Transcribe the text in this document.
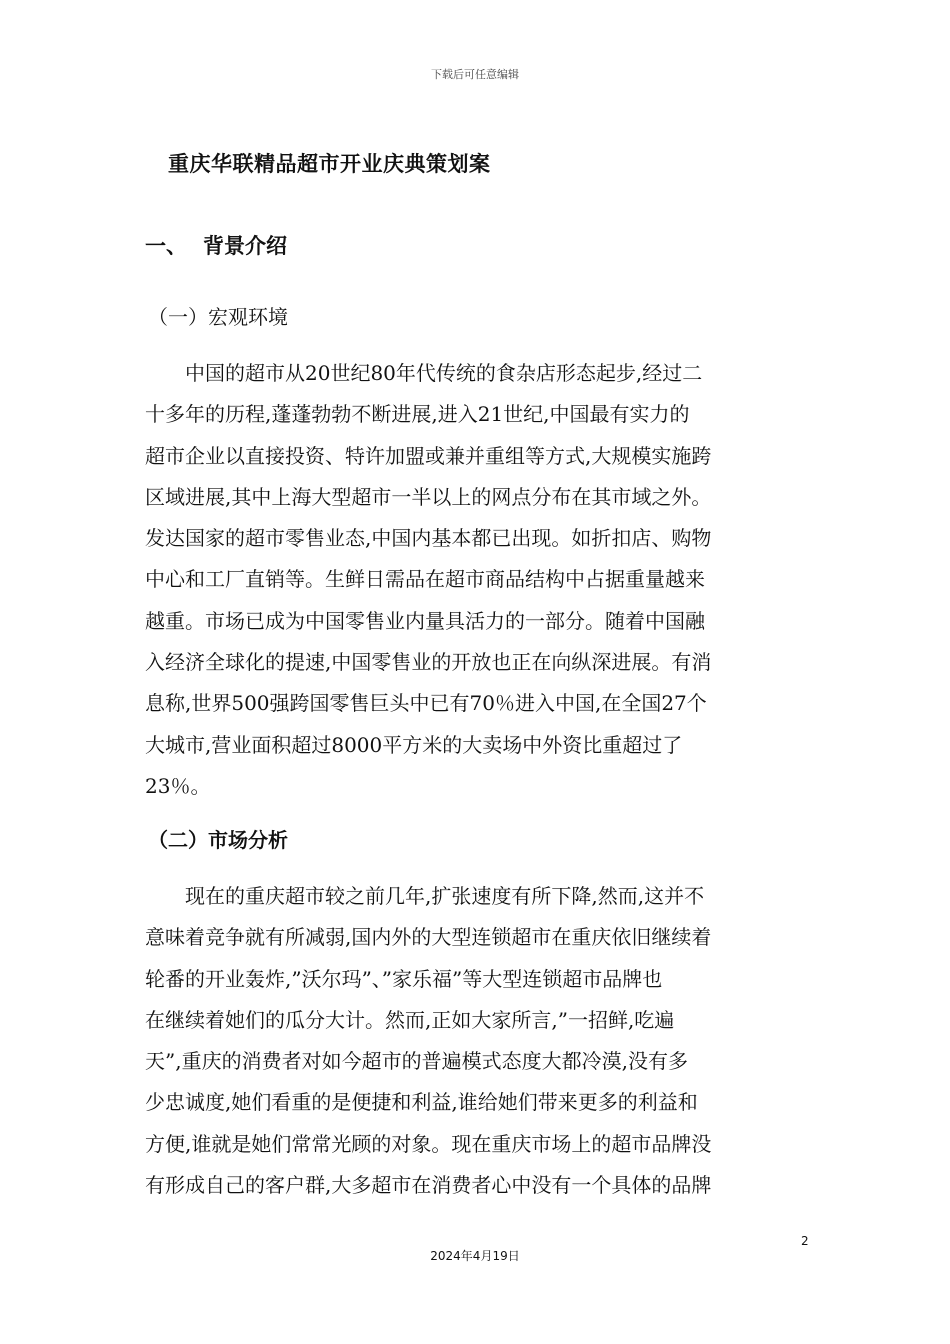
下载后可任意编辑
重庆华联精品超市开业庆典策划案
一、 背景介绍
（一）宏观环境
　　中国的超市从20世纪80年代传统的食杂店形态起步,经过二
十多年的历程,蓬蓬勃勃不断进展,进入21世纪,中国最有实力的
超市企业以直接投资、特许加盟或兼并重组等方式,大规模实施跨
区域进展,其中上海大型超市一半以上的网点分布在其市域之外。
发达国家的超市零售业态,中国内基本都已出现。如折扣店、购物
中心和工厂直销等。生鲜日需品在超市商品结构中占据重量越来
越重。市场已成为中国零售业内量具活力的一部分。随着中国融
入经济全球化的提速,中国零售业的开放也正在向纵深进展。有消
息称,世界500强跨国零售巨头中已有70％进入中国,在全国27个
大城市,营业面积超过8000平方米的大卖场中外资比重超过了
23％。
（二）市场分析
　　现在的重庆超市较之前几年,扩张速度有所下降,然而,这并不
意味着竞争就有所减弱,国内外的大型连锁超市在重庆依旧继续着
轮番的开业轰炸,”沃尔玛”、”家乐福”等大型连锁超市品牌也
在继续着她们的瓜分大计。然而,正如大家所言,”一招鲜,吃遍
天”,重庆的消费者对如今超市的普遍模式态度大都冷漠,没有多
少忠诚度,她们看重的是便捷和利益,谁给她们带来更多的利益和
方便,谁就是她们常常光顾的对象。现在重庆市场上的超市品牌没
有形成自己的客户群,大多超市在消费者心中没有一个具体的品牌
2
2024年4月19日
